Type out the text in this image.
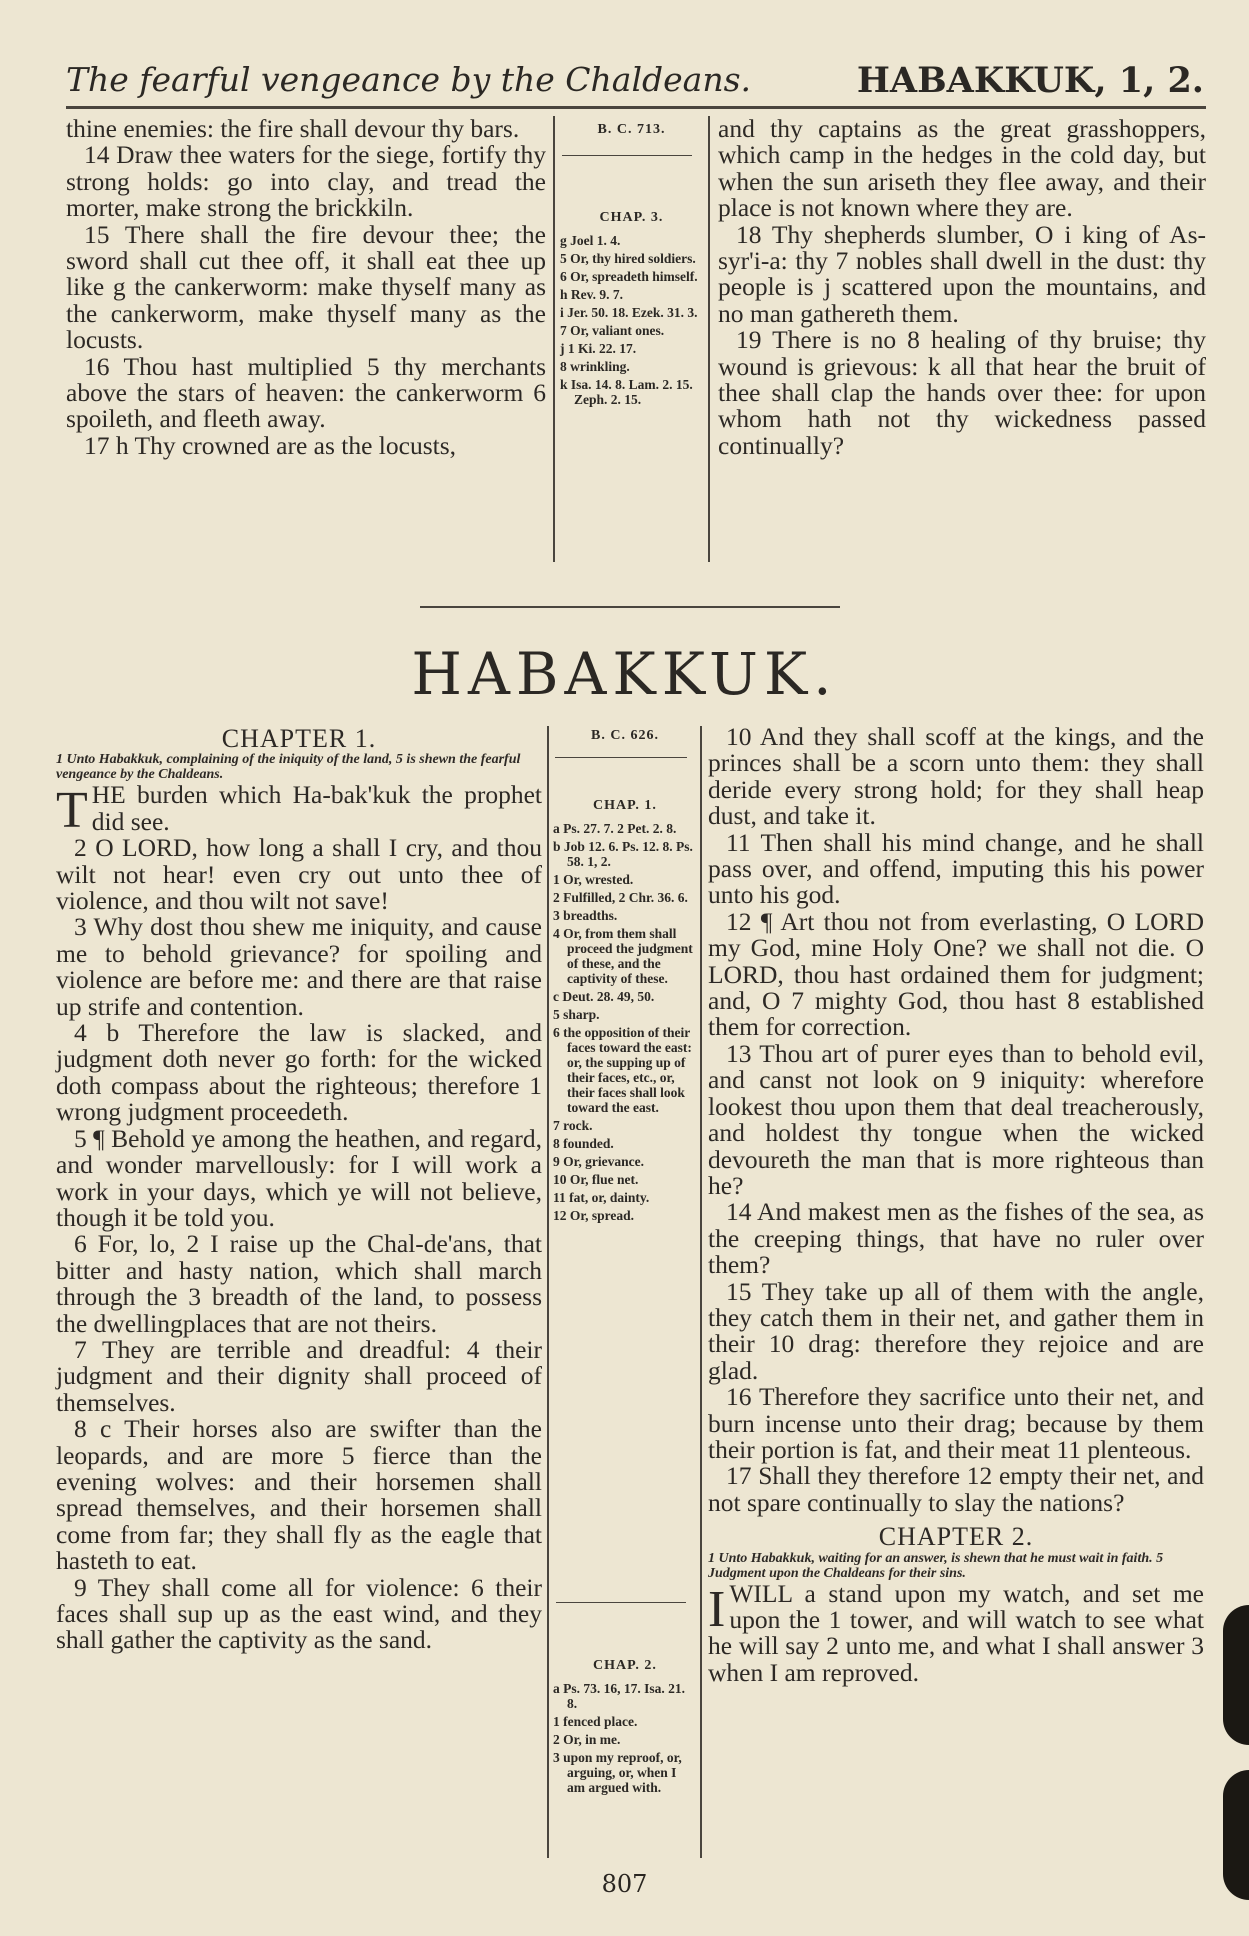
The fearful vengeance by the Chaldeans.	HABAKKUK, 1, 2.

thine enemies: the fire shall devour thy bars.

14 Draw thee waters for the siege, fortify thy strong holds: go into clay, and tread the morter, make strong the brickkiln.

15 There shall the fire devour thee; the sword shall cut thee off, it shall eat thee up like g the cankerworm: make thyself many as the cankerworm, make thyself many as the locusts.

16 Thou hast multiplied 5 thy merchants above the stars of heaven: the cankerworm 6 spoileth, and fleeth away.

17 h Thy crowned are as the locusts,

B. C. 713.
CHAP. 3.
g Joel 1. 4.
5 Or, thy hired soldiers.
6 Or, spreadeth himself.
h Rev. 9. 7.
i Jer. 50. 18. Ezek. 31. 3.
7 Or, valiant ones.
j 1 Ki. 22. 17.
8 wrinkling.
k Isa. 14. 8. Lam. 2. 15. Zeph. 2. 15.

and thy captains as the great grasshoppers, which camp in the hedges in the cold day, but when the sun ariseth they flee away, and their place is not known where they are.

18 Thy shepherds slumber, O i king of As-syr'i-a: thy 7 nobles shall dwell in the dust: thy people is j scattered upon the mountains, and no man gathereth them.

19 There is no 8 healing of thy bruise; thy wound is grievous: k all that hear the bruit of thee shall clap the hands over thee: for upon whom hath not thy wickedness passed continually?

HABAKKUK.

CHAPTER 1.

1 Unto Habakkuk, complaining of the iniquity of the land, 5 is shewn the fearful vengeance by the Chaldeans.

THE burden which Ha-bak'kuk the prophet did see.

2 O LORD, how long a shall I cry, and thou wilt not hear! even cry out unto thee of violence, and thou wilt not save!

3 Why dost thou shew me iniquity, and cause me to behold grievance? for spoiling and violence are before me: and there are that raise up strife and contention.

4 b Therefore the law is slacked, and judgment doth never go forth: for the wicked doth compass about the righteous; therefore 1 wrong judgment proceedeth.

5 ¶ Behold ye among the heathen, and regard, and wonder marvellously: for I will work a work in your days, which ye will not believe, though it be told you.

6 For, lo, 2 I raise up the Chal-de'ans, that bitter and hasty nation, which shall march through the 3 breadth of the land, to possess the dwellingplaces that are not theirs.

7 They are terrible and dreadful: 4 their judgment and their dignity shall proceed of themselves.

8 c Their horses also are swifter than the leopards, and are more 5 fierce than the evening wolves: and their horsemen shall spread themselves, and their horsemen shall come from far; they shall fly as the eagle that hasteth to eat.

9 They shall come all for violence: 6 their faces shall sup up as the east wind, and they shall gather the captivity as the sand.

B. C. 626.
CHAP. 1.
a Ps. 27. 7. 2 Pet. 2. 8.
b Job 12. 6. Ps. 12. 8. Ps. 58. 1, 2.
1 Or, wrested.
2 Fulfilled, 2 Chr. 36. 6.
3 breadths.
4 Or, from them shall proceed the judgment of these, and the captivity of these.
c Deut. 28. 49, 50.
5 sharp.
6 the opposition of their faces toward the east: or, the supping up of their faces, etc., or, their faces shall look toward the east.
7 rock.
8 founded.
9 Or, grievance.
10 Or, flue net.
11 fat, or, dainty.
12 Or, spread.
CHAP. 2.
a Ps. 73. 16, 17. Isa. 21. 8.
1 fenced place.
2 Or, in me.
3 upon my reproof, or, arguing, or, when I am argued with.

10 And they shall scoff at the kings, and the princes shall be a scorn unto them: they shall deride every strong hold; for they shall heap dust, and take it.

11 Then shall his mind change, and he shall pass over, and offend, imputing this his power unto his god.

12 ¶ Art thou not from everlasting, O LORD my God, mine Holy One? we shall not die. O LORD, thou hast ordained them for judgment; and, O 7 mighty God, thou hast 8 established them for correction.

13 Thou art of purer eyes than to behold evil, and canst not look on 9 iniquity: wherefore lookest thou upon them that deal treacherously, and holdest thy tongue when the wicked devoureth the man that is more righteous than he?

14 And makest men as the fishes of the sea, as the creeping things, that have no ruler over them?

15 They take up all of them with the angle, they catch them in their net, and gather them in their 10 drag: therefore they rejoice and are glad.

16 Therefore they sacrifice unto their net, and burn incense unto their drag; because by them their portion is fat, and their meat 11 plenteous.

17 Shall they therefore 12 empty their net, and not spare continually to slay the nations?

CHAPTER 2.

1 Unto Habakkuk, waiting for an answer, is shewn that he must wait in faith. 5 Judgment upon the Chaldeans for their sins.

IWILL a stand upon my watch, and set me upon the 1 tower, and will watch to see what he will say 2 unto me, and what I shall answer 3 when I am reproved.

807
